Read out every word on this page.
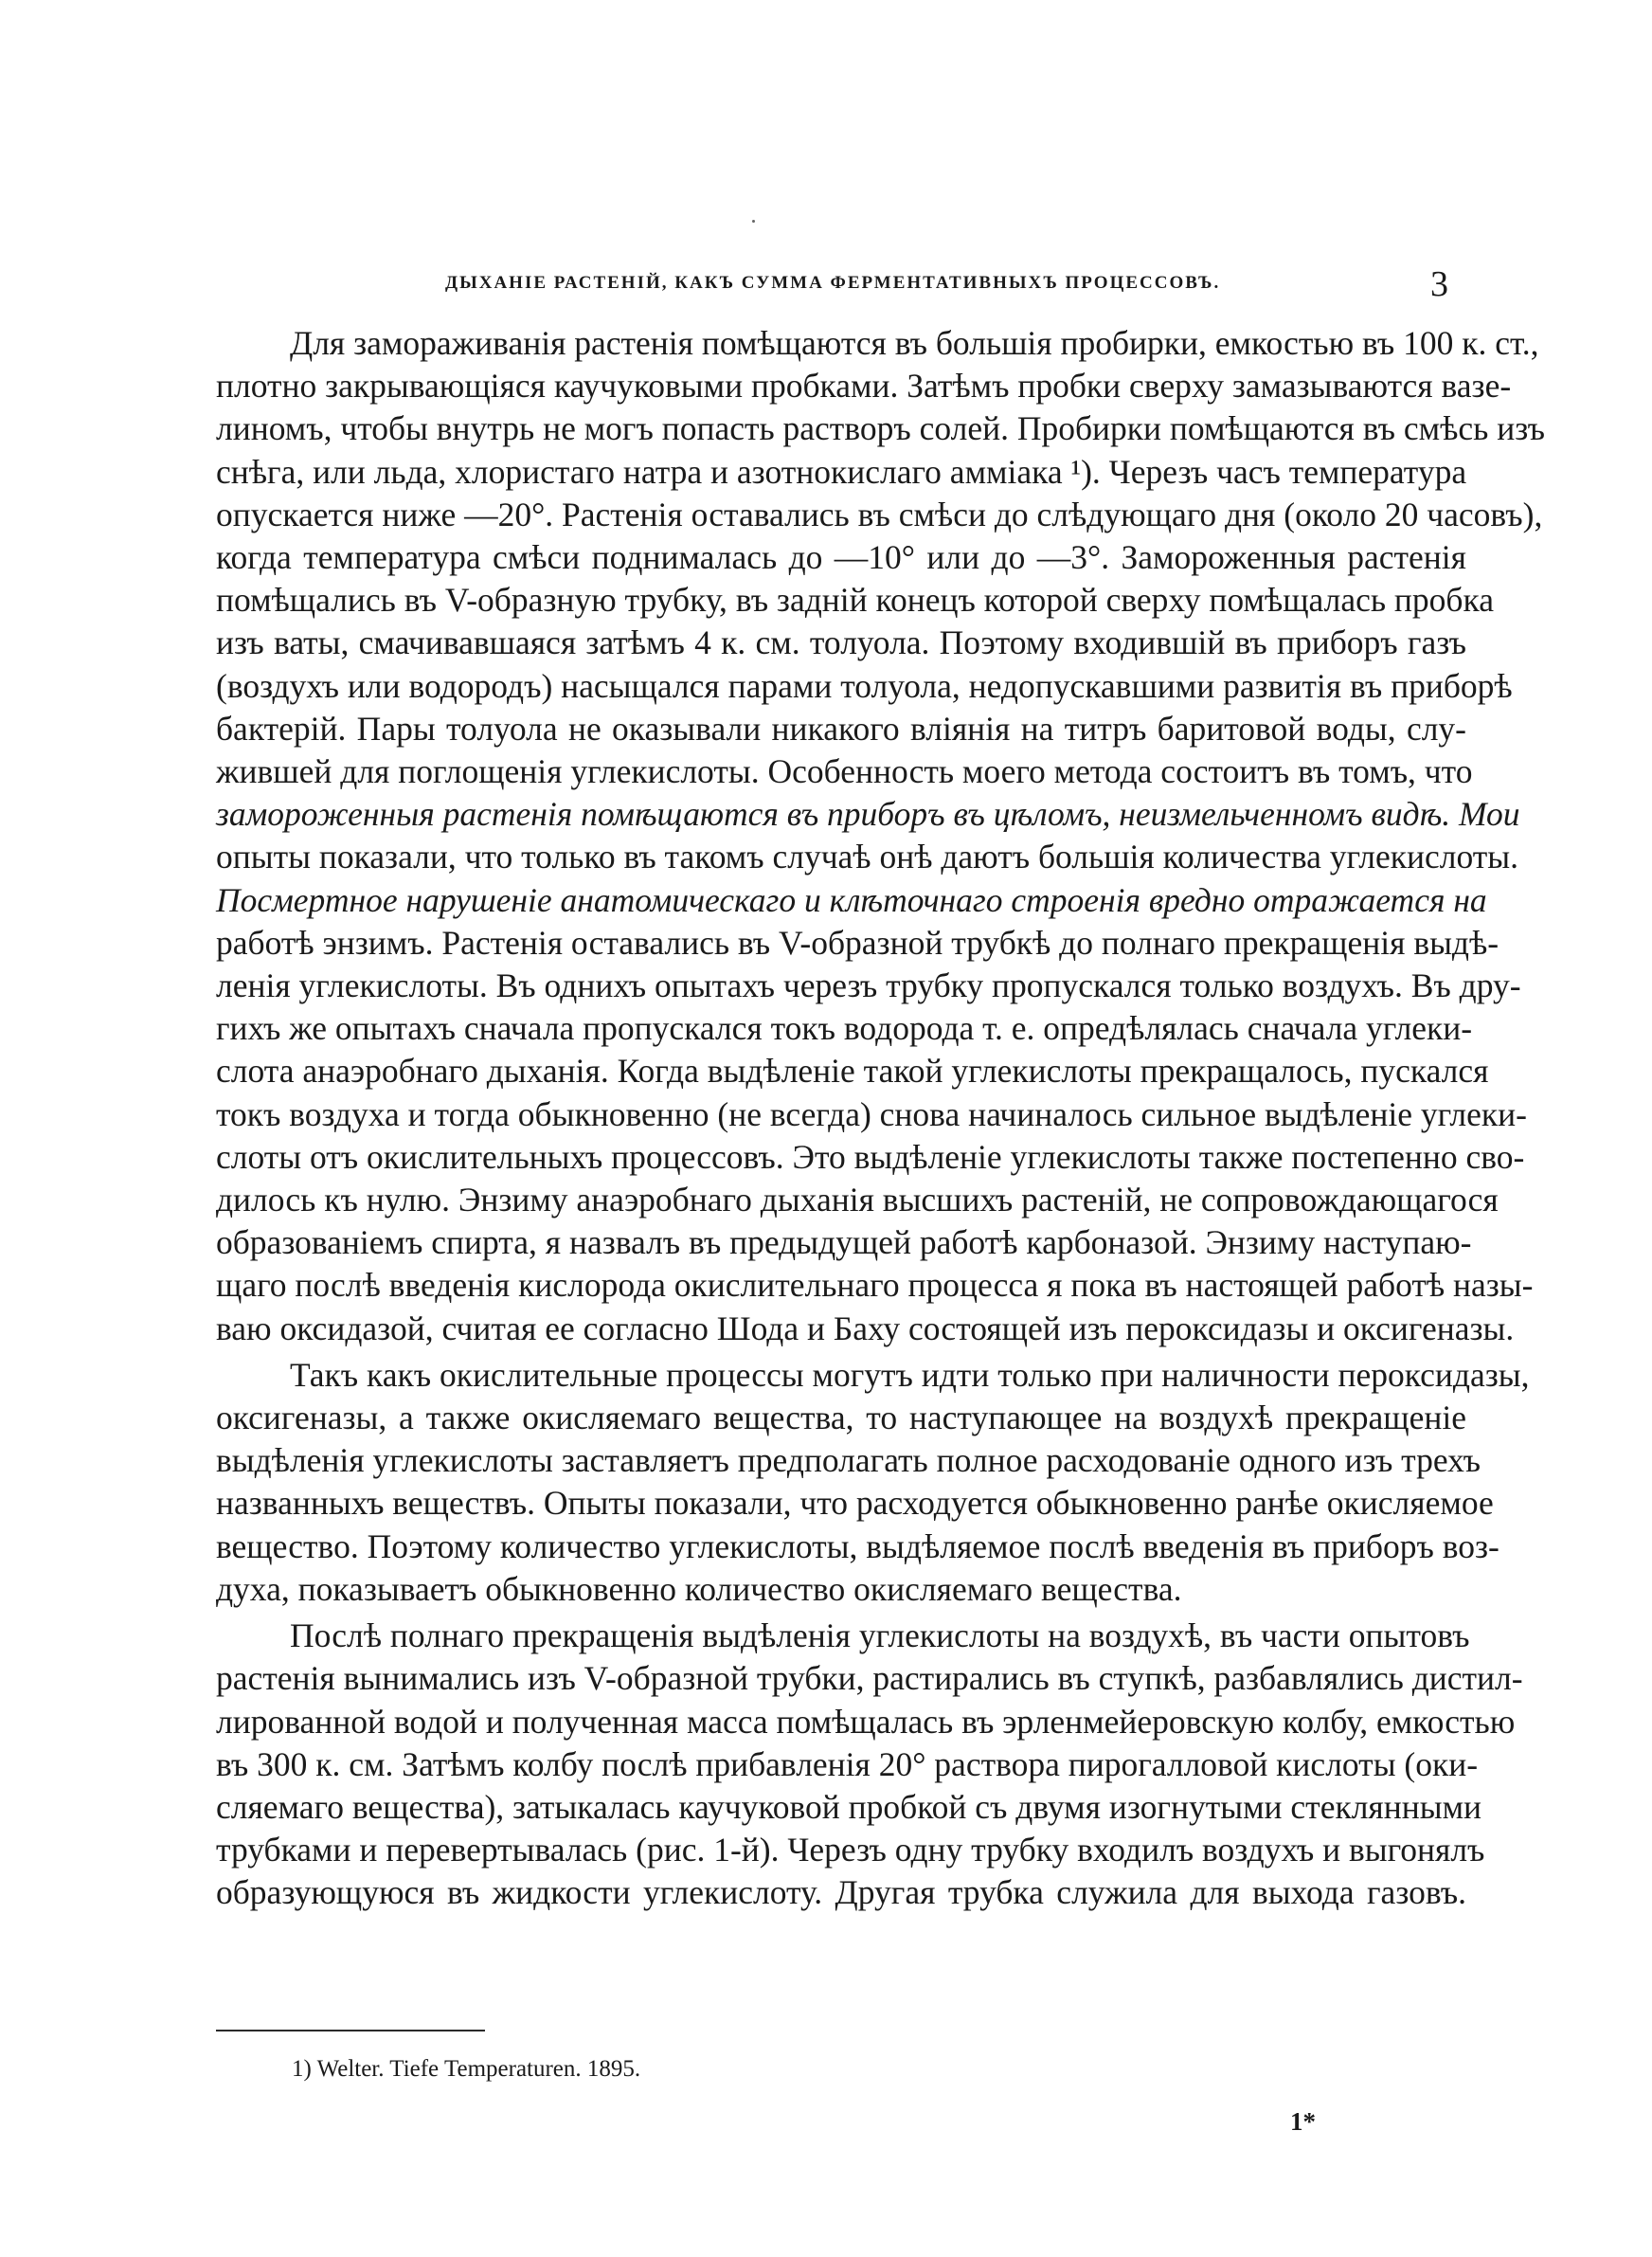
ДЫХАНІЕ РАСТЕНІЙ, КАКЪ СУММА ФЕРМЕНТАТИВНЫХЪ ПРОЦЕССОВЪ.	3
Для замораживанія растенія помѣщаются въ большія пробирки, емкостью въ 100 к. ст.,
плотно закрывающіяся каучуковыми пробками. Затѣмъ пробки сверху замазываются вазе-
линомъ, чтобы внутрь не могъ попасть растворъ солей. Пробирки помѣщаются въ смѣсь изъ
снѣга, или льда, хлористаго натра и азотнокислаго амміака ¹). Черезъ часъ температура
опускается ниже —20°. Растенія оставались въ смѣси до слѣдующаго дня (около 20 часовъ),
когда температура смѣси поднималась до —10° или до —3°. Замороженныя растенія
помѣщались въ V-образную трубку, въ задній конецъ которой сверху помѣщалась пробка
изъ ваты, смачивавшаяся затѣмъ 4 к. см. толуола. Поэтому входившій въ приборъ газъ
(воздухъ или водородъ) насыщался парами толуола, недопускавшими развитія въ приборѣ
бактерій. Пары толуола не оказывали никакого вліянія на титръ баритовой воды, слу-
жившей для поглощенія углекислоты. Особенность моего метода состоитъ въ томъ, что
замороженныя растенія помѣщаются въ приборъ въ цѣломъ, неизмельченномъ видѣ. Мои
опыты показали, что только въ такомъ случаѣ онѣ даютъ большія количества углекислоты.
Посмертное нарушеніе анатомическаго и клѣточнаго строенія вредно отражается на
работѣ энзимъ. Растенія оставались въ V-образной трубкѣ до полнаго прекращенія выдѣ-
ленія углекислоты. Въ однихъ опытахъ черезъ трубку пропускался только воздухъ. Въ дру-
гихъ же опытахъ сначала пропускался токъ водорода т. е. опредѣлялась сначала углеки-
слота анаэробнаго дыханія. Когда выдѣленіе такой углекислоты прекращалось, пускался
токъ воздуха и тогда обыкновенно (не всегда) снова начиналось сильное выдѣленіе углеки-
слоты отъ окислительныхъ процессовъ. Это выдѣленіе углекислоты также постепенно сво-
дилось къ нулю. Энзиму анаэробнаго дыханія высшихъ растеній, не сопровождающагося
образованіемъ спирта, я назвалъ въ предыдущей работѣ карбоназой. Энзиму наступаю-
щаго послѣ введенія кислорода окислительнаго процесса я пока въ настоящей работѣ назы-
ваю оксидазой, считая ее согласно Шода и Баху состоящей изъ пероксидазы и оксигеназы.
Такъ какъ окислительные процессы могутъ идти только при наличности пероксидазы,
оксигеназы, а также окисляемаго вещества, то наступающее на воздухѣ прекращеніе
выдѣленія углекислоты заставляетъ предполагать полное расходованіе одного изъ трехъ
названныхъ веществъ. Опыты показали, что расходуется обыкновенно ранѣе окисляемое
вещество. Поэтому количество углекислоты, выдѣляемое послѣ введенія въ приборъ воз-
духа, показываетъ обыкновенно количество окисляемаго вещества.
Послѣ полнаго прекращенія выдѣленія углекислоты на воздухѣ, въ части опытовъ
растенія вынимались изъ V-образной трубки, растирались въ ступкѣ, разбавлялись дистил-
лированной водой и полученная масса помѣщалась въ эрленмейеровскую колбу, емкостью
въ 300 к. см. Затѣмъ колбу послѣ прибавленія 20° раствора пирогалловой кислоты (оки-
сляемаго вещества), затыкалась каучуковой пробкой съ двумя изогнутыми стеклянными
трубками и перевертывалась (рис. 1-й). Черезъ одну трубку входилъ воздухъ и выгонялъ
образующуюся въ жидкости углекислоту. Другая трубка служила для выхода газовъ.
1) Welter. Tiefe Temperaturen. 1895.
1*
